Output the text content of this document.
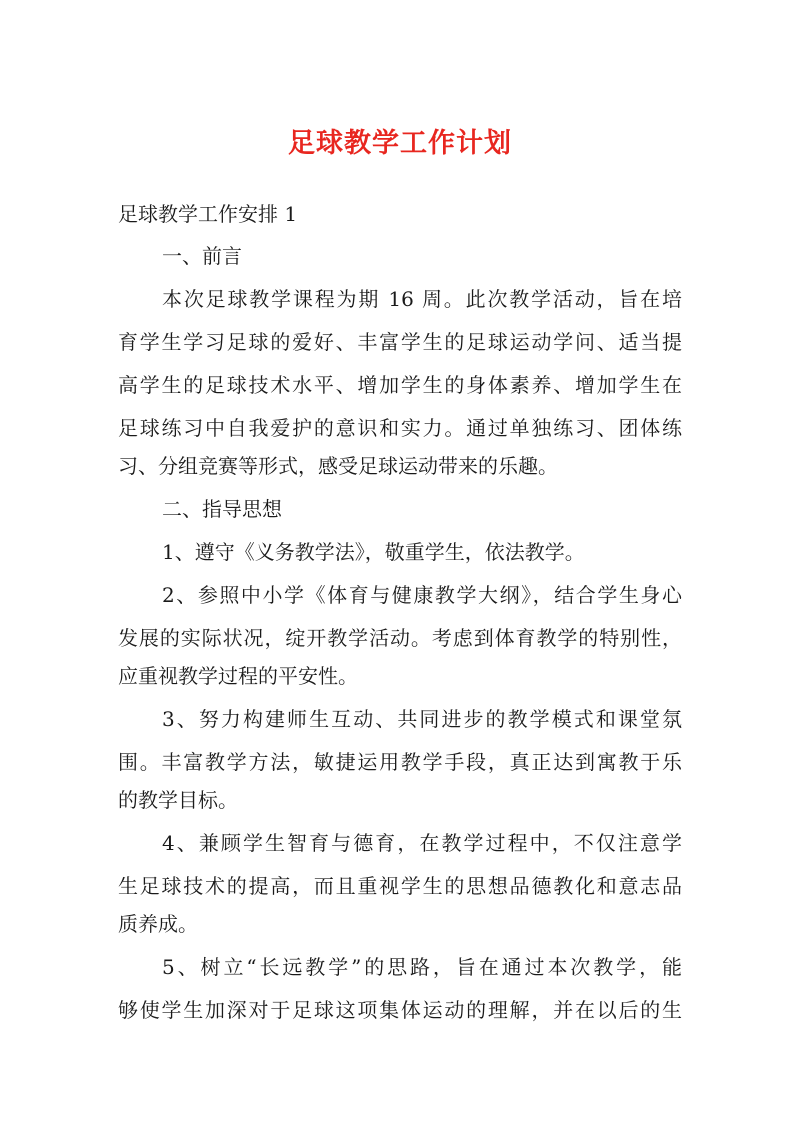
足球教学工作计划

足球教学工作安排 1

一、前言

本次足球教学课程为期 16 周。此次教学活动，旨在培

育学生学习足球的爱好、丰富学生的足球运动学问、适当提

高学生的足球技术水平、增加学生的身体素养、增加学生在

足球练习中自我爱护的意识和实力。通过单独练习、团体练

习、分组竞赛等形式，感受足球运动带来的乐趣。

二、指导思想

1、遵守《义务教学法》，敬重学生，依法教学。

2、参照中小学《体育与健康教学大纲》，结合学生身心

发展的实际状况，绽开教学活动。考虑到体育教学的特别性，

应重视教学过程的平安性。

3、努力构建师生互动、共同进步的教学模式和课堂氛

围。丰富教学方法，敏捷运用教学手段，真正达到寓教于乐

的教学目标。

4、兼顾学生智育与德育，在教学过程中，不仅注意学

生足球技术的提高，而且重视学生的思想品德教化和意志品

质养成。

5、树立“长远教学”的思路，旨在通过本次教学，能

够使学生加深对于足球这项集体运动的理解，并在以后的生
